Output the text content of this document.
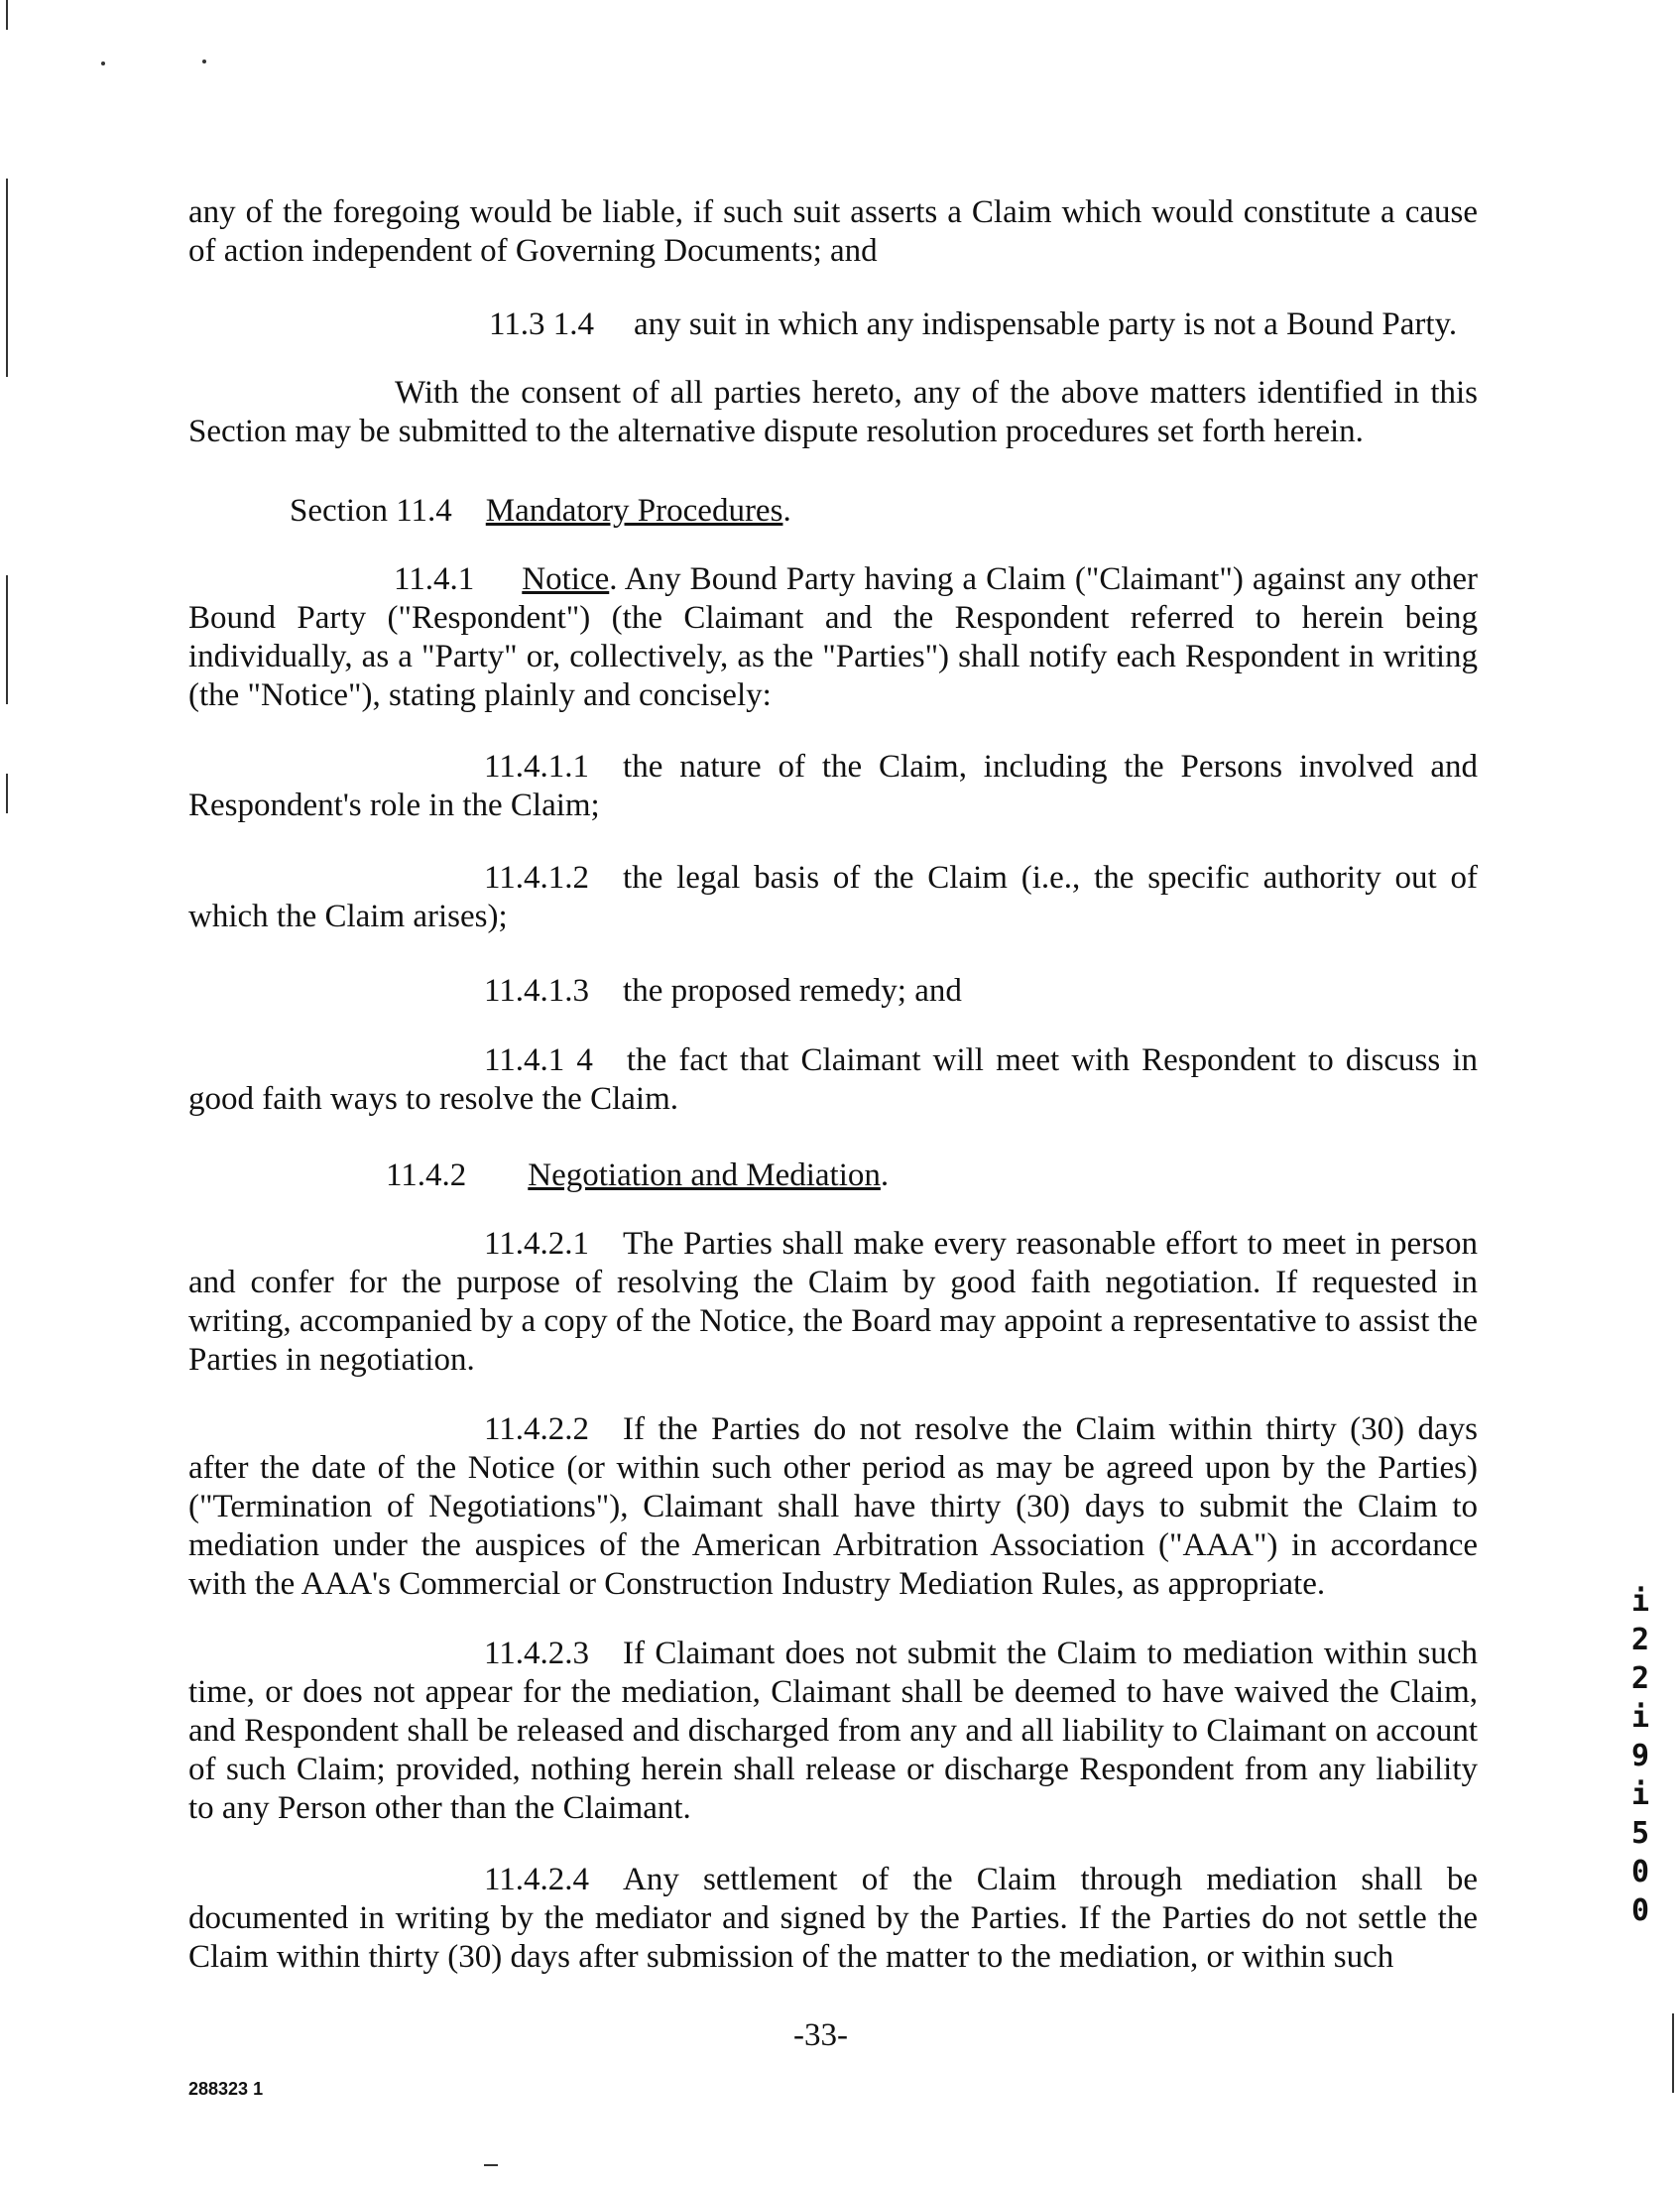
any of the foregoing would be liable, if such suit asserts a Claim which would constitute a cause of action independent of Governing Documents; and

11.3 1.4 any suit in which any indispensable party is not a Bound Party.

With the consent of all parties hereto, any of the above matters identified in this Section may be submitted to the alternative dispute resolution procedures set forth herein.

Section 11.4 Mandatory Procedures.

11.4.1 Notice. Any Bound Party having a Claim ("Claimant") against any other Bound Party ("Respondent") (the Claimant and the Respondent referred to herein being individually, as a "Party" or, collectively, as the "Parties") shall notify each Respondent in writing (the "Notice"), stating plainly and concisely:

11.4.1.1 the nature of the Claim, including the Persons involved and Respondent's role in the Claim;

11.4.1.2 the legal basis of the Claim (i.e., the specific authority out of which the Claim arises);

11.4.1.3 the proposed remedy; and

11.4.1 4 the fact that Claimant will meet with Respondent to discuss in good faith ways to resolve the Claim.

11.4.2 Negotiation and Mediation.

11.4.2.1 The Parties shall make every reasonable effort to meet in person and confer for the purpose of resolving the Claim by good faith negotiation. If requested in writing, accompanied by a copy of the Notice, the Board may appoint a representative to assist the Parties in negotiation.

11.4.2.2 If the Parties do not resolve the Claim within thirty (30) days after the date of the Notice (or within such other period as may be agreed upon by the Parties) ("Termination of Negotiations"), Claimant shall have thirty (30) days to submit the Claim to mediation under the auspices of the American Arbitration Association ("AAA") in accordance with the AAA's Commercial or Construction Industry Mediation Rules, as appropriate.

11.4.2.3 If Claimant does not submit the Claim to mediation within such time, or does not appear for the mediation, Claimant shall be deemed to have waived the Claim, and Respondent shall be released and discharged from any and all liability to Claimant on account of such Claim; provided, nothing herein shall release or discharge Respondent from any liability to any Person other than the Claimant.

11.4.2.4 Any settlement of the Claim through mediation shall be documented in writing by the mediator and signed by the Parties. If the Parties do not settle the Claim within thirty (30) days after submission of the matter to the mediation, or within such

i
2
2
i
9
i
5
0
0
-33-
288323 1
